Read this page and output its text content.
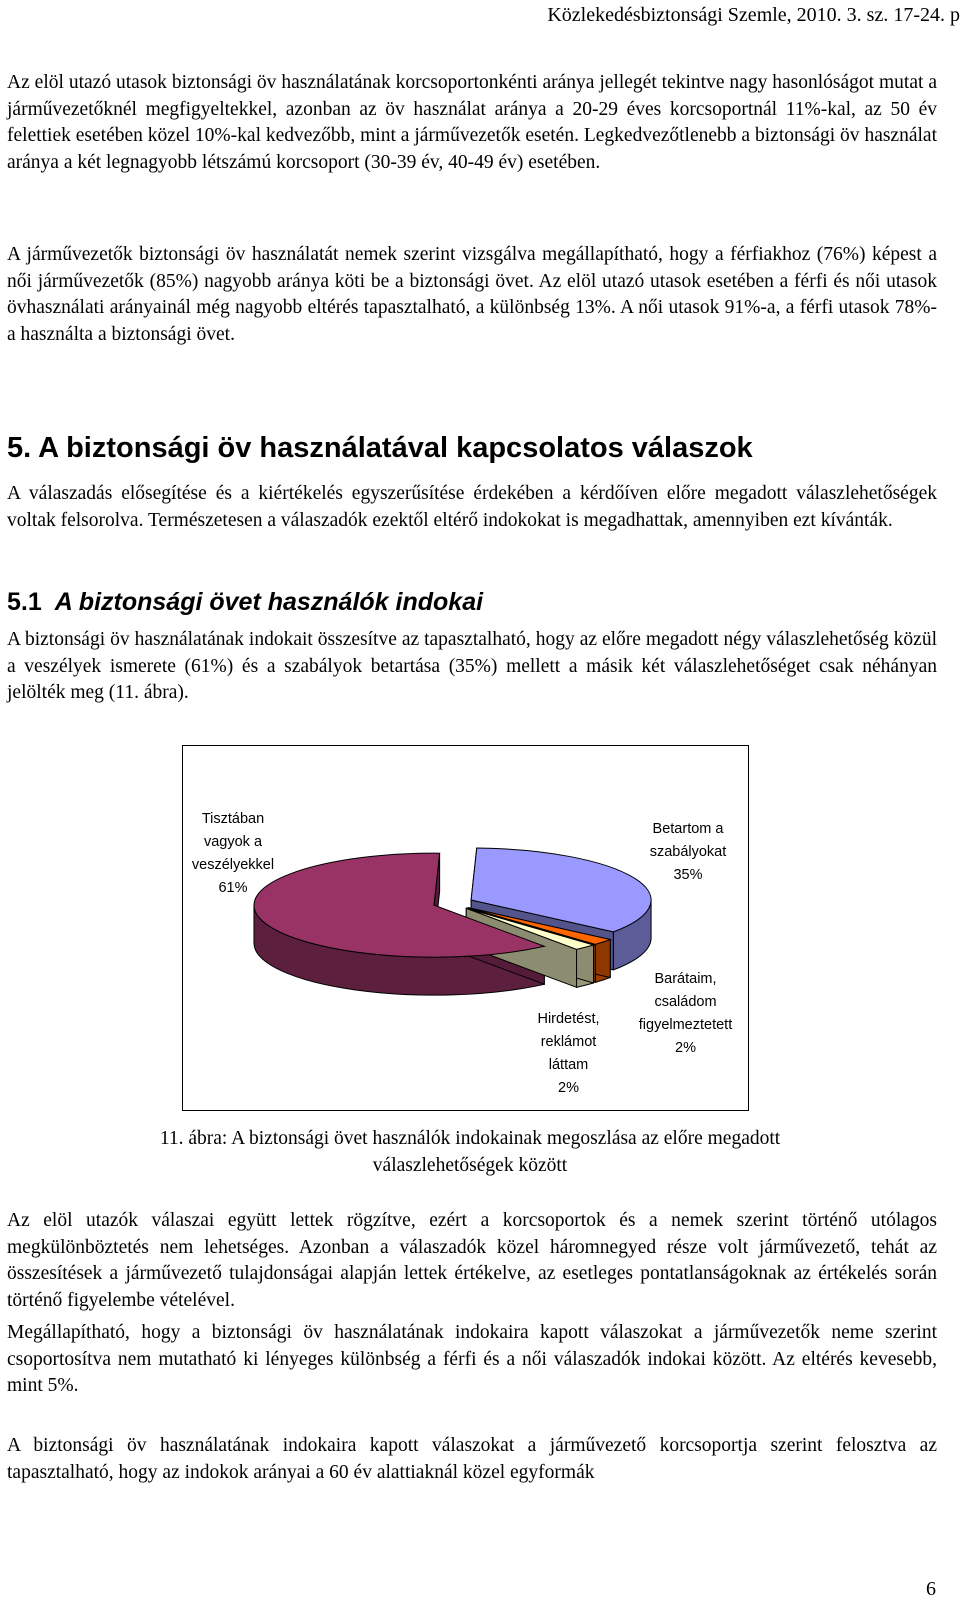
Közlekedésbiztonsági Szemle, 2010. 3. sz. 17-24. p

Az elöl utazó utasok biztonsági öv használatának korcsoportonkénti aránya jellegét tekintve nagy hasonlóságot mutat a járművezetőknél megfigyeltekkel, azonban az öv használat aránya a 20-29 éves korcsoportnál 11%-kal, az 50 év felettiek esetében közel 10%-kal kedvezőbb, mint a járművezetők esetén. Legkedvezőtlenebb a biztonsági öv használat aránya a két legnagyobb létszámú korcsoport (30-39 év, 40-49 év) esetében.

A járművezetők biztonsági öv használatát nemek szerint vizsgálva megállapítható, hogy a férfiakhoz (76%) képest a női járművezetők (85%) nagyobb aránya köti be a biztonsági övet. Az elöl utazó utasok esetében a férfi és női utasok övhasználati arányainál még nagyobb eltérés tapasztalható, a különbség 13%. A női utasok 91%-a, a férfi utasok 78%-a használta a biztonsági övet.

5. A biztonsági öv használatával kapcsolatos válaszok

A válaszadás elősegítése és a kiértékelés egyszerűsítése érdekében a kérdőíven előre megadott válaszlehetőségek voltak felsorolva. Természetesen a válaszadók ezektől eltérő indokokat is megadhattak, amennyiben ezt kívánták.

5.1 A biztonsági övet használók indokai

A biztonsági öv használatának indokait összesítve az tapasztalható, hogy az előre megadott négy válaszlehetőség közül a veszélyek ismerete (61%) és a szabályok betartása (35%) mellett a másik két válaszlehetőséget csak néhányan jelölték meg (11. ábra).

Tisztában
vagyok a
veszélyekkel
61%
Betartom a
szabályokat
35%
Barátaim,
családom
figyelmeztetett
2%
Hirdetést,
reklámot
láttam
2%
11. ábra: A biztonsági övet használók indokainak megoszlása az előre megadott
válaszlehetőségek között

Az elöl utazók válaszai együtt lettek rögzítve, ezért a korcsoportok és a nemek szerint történő utólagos megkülönböztetés nem lehetséges. Azonban a válaszadók közel háromnegyed része volt járművezető, tehát az összesítések a járművezető tulajdonságai alapján lettek értékelve, az esetleges pontatlanságoknak az értékelés során történő figyelembe vételével.

Megállapítható, hogy a biztonsági öv használatának indokaira kapott válaszokat a járművezetők neme szerint csoportosítva nem mutatható ki lényeges különbség a férfi és a női válaszadók indokai között. Az eltérés kevesebb, mint 5%.

A biztonsági öv használatának indokaira kapott válaszokat a járművezető korcsoportja szerint felosztva az tapasztalható, hogy az indokok arányai a 60 év alattiaknál közel egyformák

6
